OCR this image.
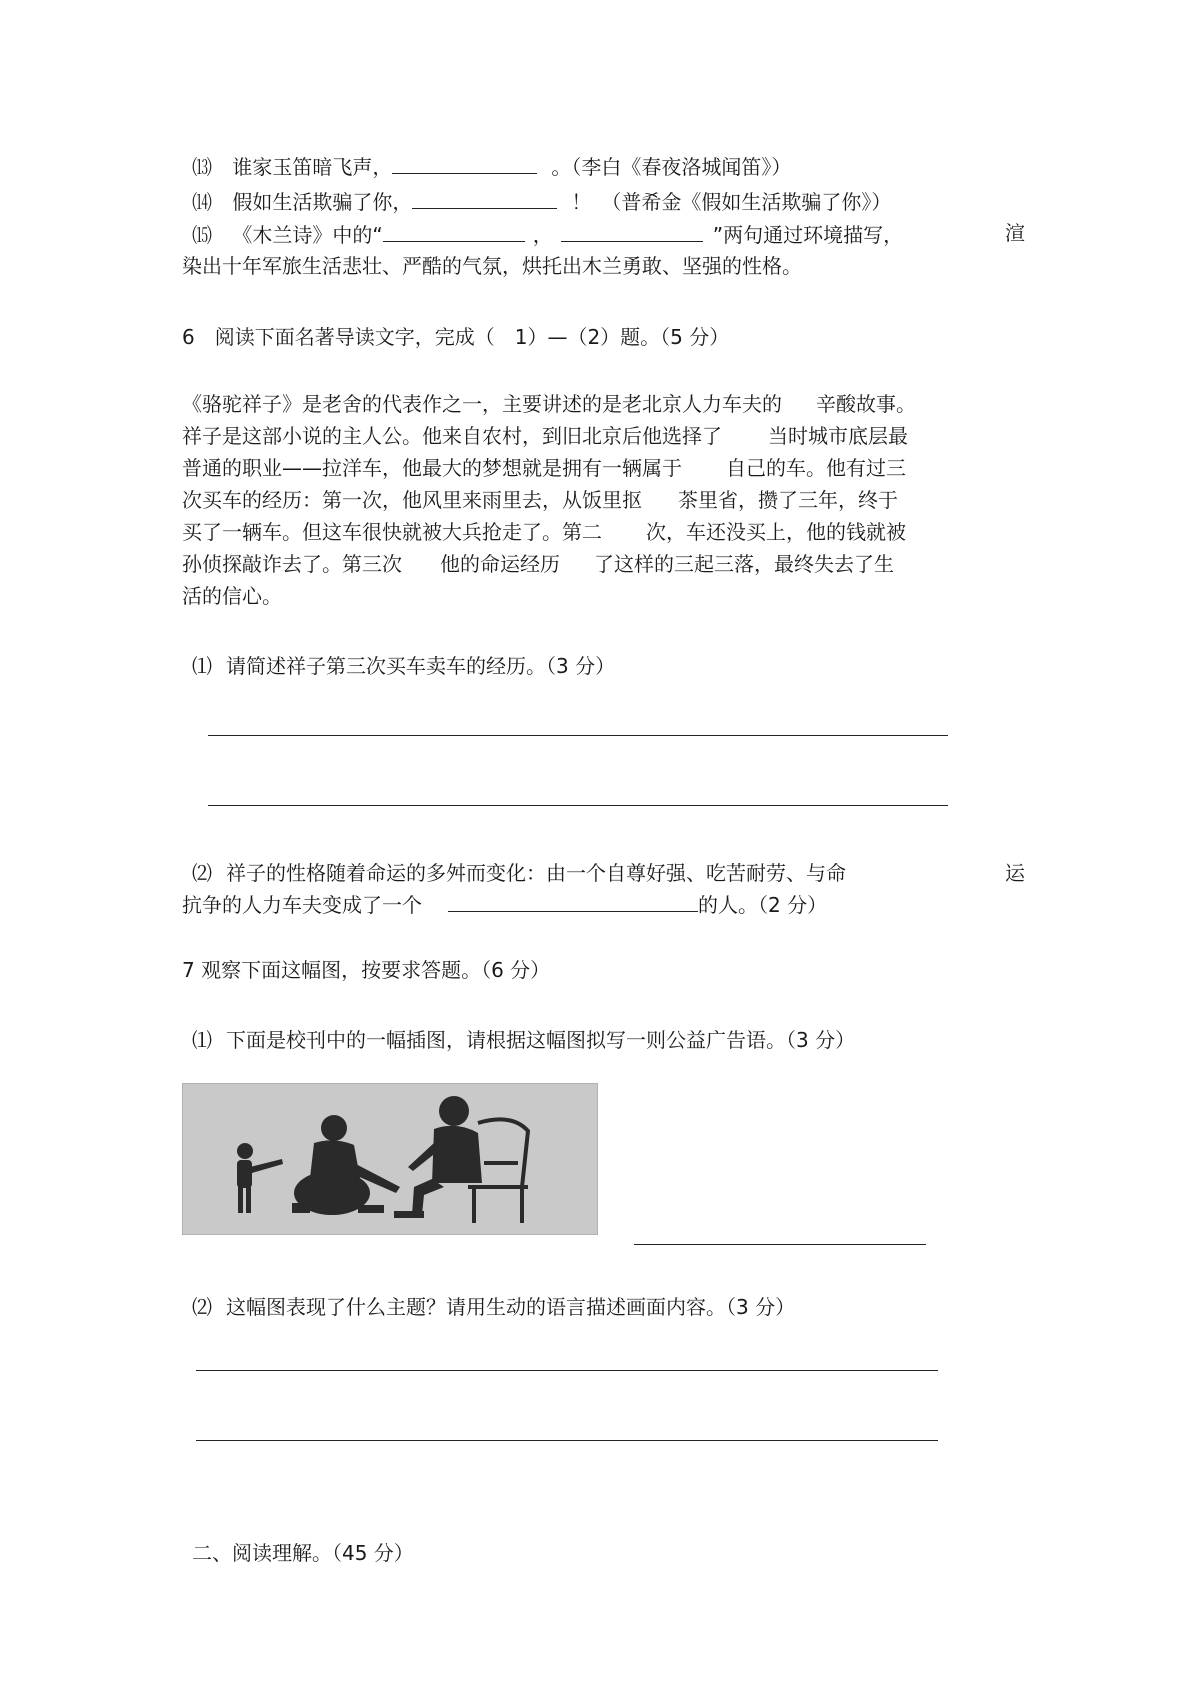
⒀ 谁家玉笛暗飞声，	。（李白《春夜洛城闻笛》）
⒁ 假如生活欺骗了你，	！　（普希金《假如生活欺骗了你》）
⒂ 《木兰诗》中的“	，	”两句通过环境描写，	渲
染出十年军旅生活悲壮、严酷的气氛，烘托出木兰勇敢、坚强的性格。
6　阅读下面名著导读文字，完成（　1）—（2）题。（5 分）
《骆驼祥子》是老舍的代表作之一，主要讲述的是老北京人力车夫的 辛酸故事。
祥子是这部小说的主人公。他来自农村，到旧北京后他选择了 当时城市底层最
普通的职业——拉洋车，他最大的梦想就是拥有一辆属于 自己的车。他有过三
次买车的经历：第一次，他风里来雨里去，从饭里抠 茶里省，攒了三年，终于
买了一辆车。但这车很快就被大兵抢走了。第二 次，车还没买上，他的钱就被
孙侦探敲诈去了。第三次 他的命运经历 了这样的三起三落，最终失去了生
活的信心。
⑴ 请简述祥子第三次买车卖车的经历。（3 分）
⑵ 祥子的性格随着命运的多舛而变化：由一个自尊好强、吃苦耐劳、与命	运
抗争的人力车夫变成了一个	的人。（2 分）
7 观察下面这幅图，按要求答题。（6 分）
⑴ 下面是校刊中的一幅插图，请根据这幅图拟写一则公益广告语。（3 分）
⑵ 这幅图表现了什么主题？请用生动的语言描述画面内容。（3 分）
二、阅读理解。（45 分）
